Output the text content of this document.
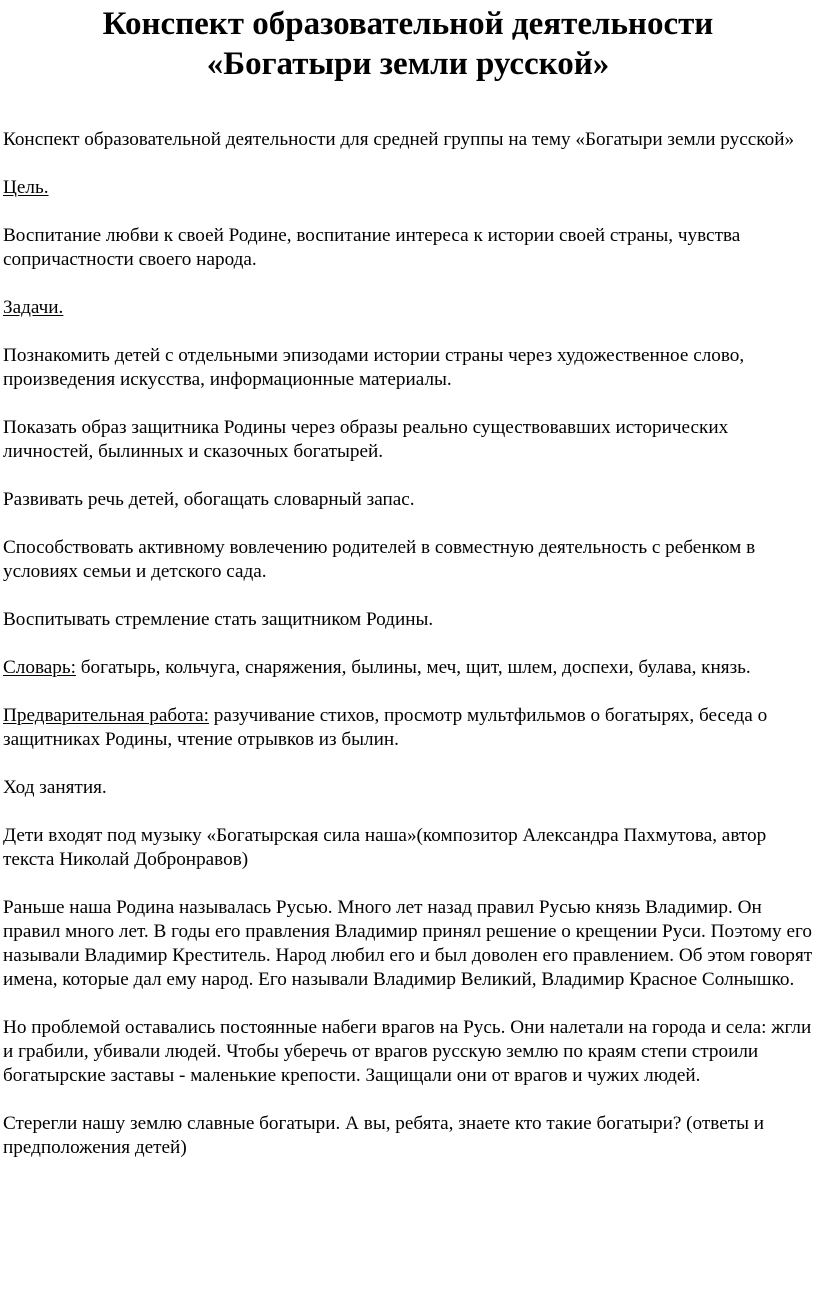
Конспект образовательной деятельности
«Богатыри земли русской»

Конспект образовательной деятельности для средней группы на тему «Богатыри земли русской»

Цель.

Воспитание любви к своей Родине, воспитание интереса к истории своей страны, чувства сопричастности своего народа.

Задачи.

Познакомить детей с отдельными эпизодами истории страны через художественное слово, произведения искусства, информационные материалы.

Показать образ защитника Родины через образы реально существовавших исторических личностей, былинных и сказочных богатырей.

Развивать речь детей, обогащать словарный запас.

Способствовать активному вовлечению родителей в совместную деятельность с ребенком в условиях семьи и детского сада.

Воспитывать стремление стать защитником Родины.

Словарь: богатырь, кольчуга, снаряжения, былины, меч, щит, шлем, доспехи, булава, князь.

Предварительная работа: разучивание стихов, просмотр мультфильмов о богатырях, беседа о защитниках Родины, чтение отрывков из былин.

Ход занятия.

Дети входят под музыку «Богатырская сила наша»(композитор Александра Пахмутова, автор текста Николай Добронравов)

Раньше наша Родина называлась Русью. Много лет назад правил Русью князь Владимир. Он правил много лет. В годы его правления Владимир принял решение о крещении Руси. Поэтому его называли Владимир Креститель. Народ любил его и был доволен его правлением. Об этом говорят имена, которые дал ему народ. Его называли Владимир Великий, Владимир Красное Солнышко.

Но проблемой оставались постоянные набеги врагов на Русь. Они налетали на города и села: жгли и грабили, убивали людей. Чтобы уберечь от врагов русскую землю по краям степи строили богатырские заставы - маленькие крепости. Защищали они от врагов и чужих людей.

Стерегли нашу землю славные богатыри. А вы, ребята, знаете кто такие богатыри? (ответы и предположения детей)
